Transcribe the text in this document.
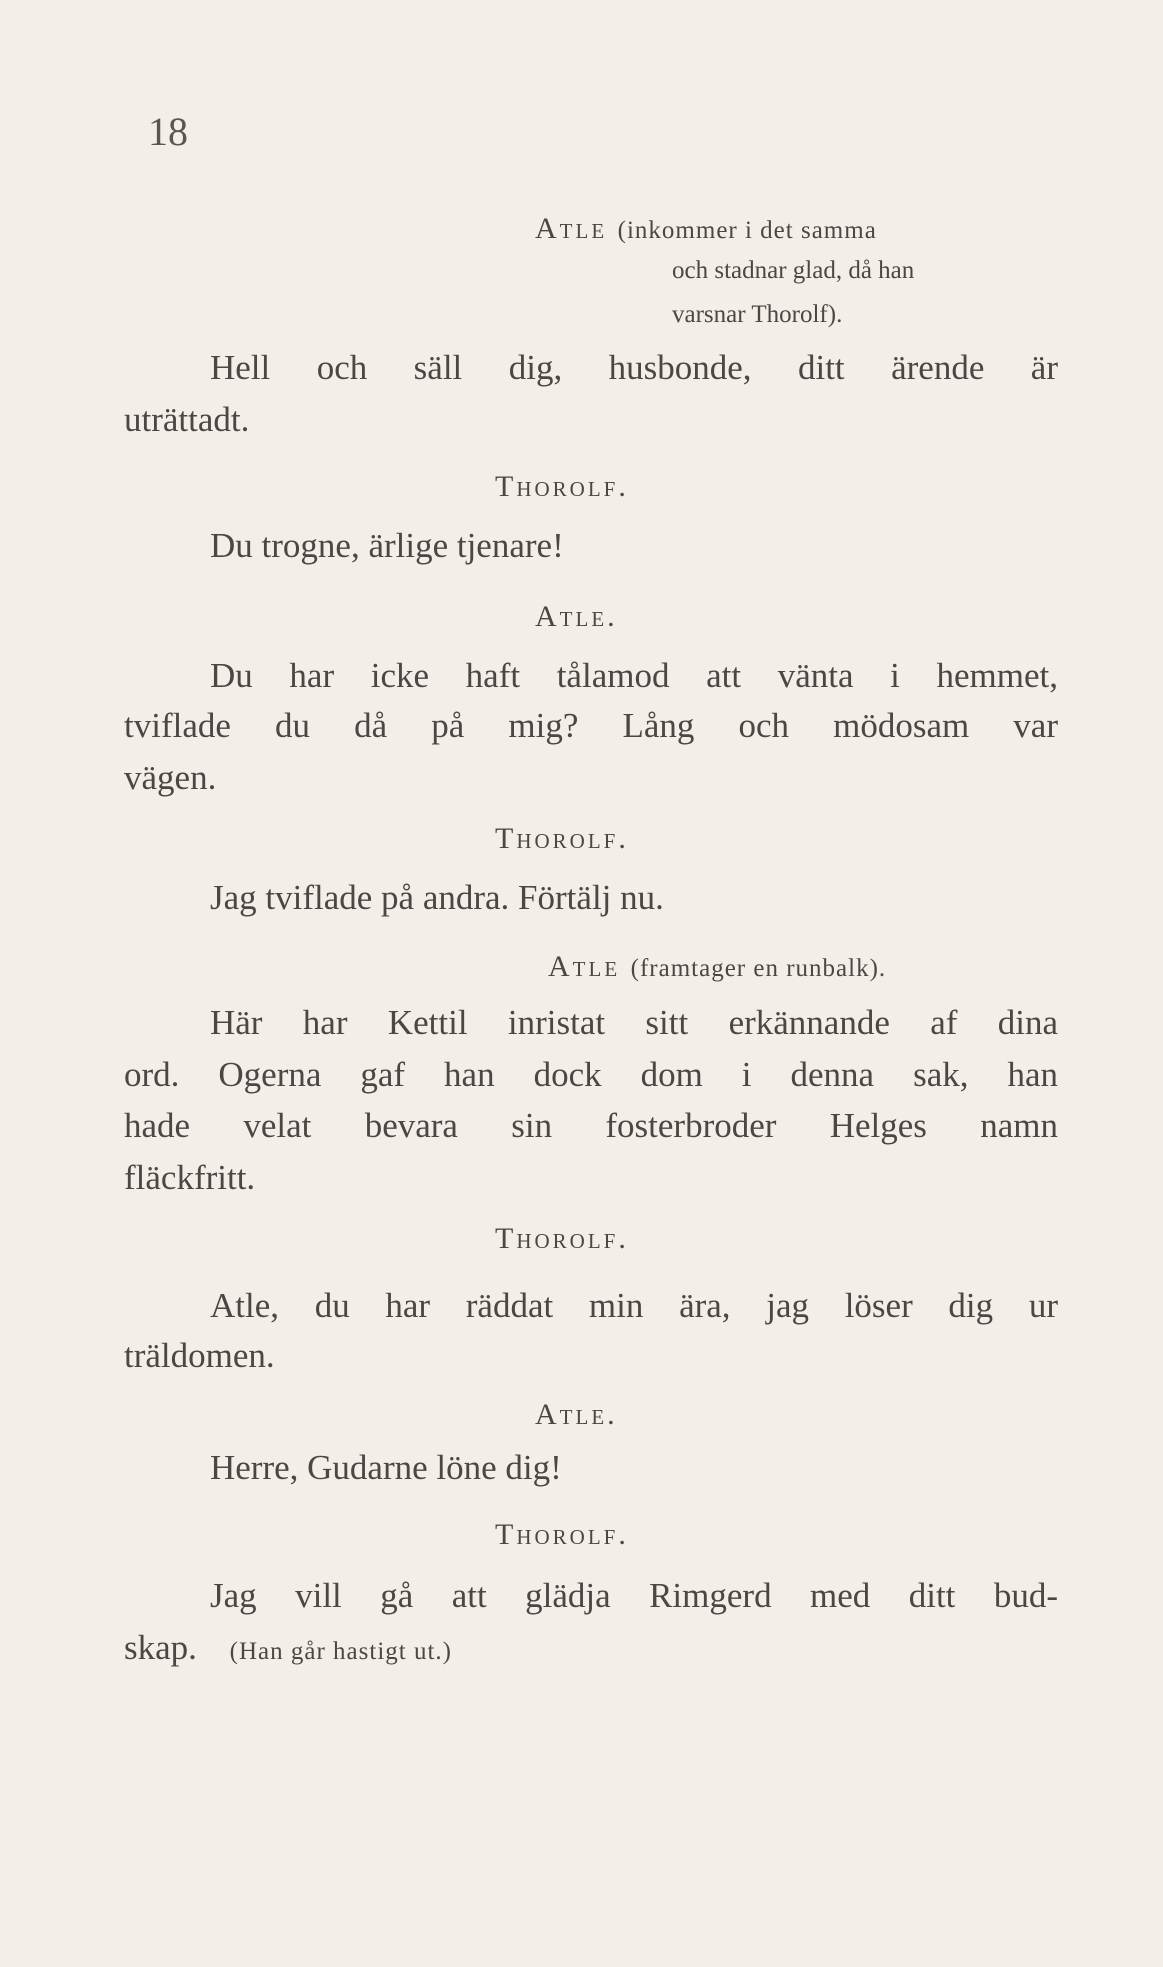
18
Atle (inkommer i det samma
och stadnar glad, då han
varsnar Thorolf).
Hell och säll dig, husbonde, ditt ärende är
uträttadt.
Thorolf.
Du trogne, ärlige tjenare!
Atle.
Du har icke haft tålamod att vänta i hemmet,
tviflade du då på mig? Lång och mödosam var
vägen.
Thorolf.
Jag tviflade på andra. Förtälj nu.
Atle (framtager en runbalk).
Här har Kettil inristat sitt erkännande af dina
ord. Ogerna gaf han dock dom i denna sak, han
hade velat bevara sin fosterbroder Helges namn
fläckfritt.
Thorolf.
Atle, du har räddat min ära, jag löser dig ur
träldomen.
Atle.
Herre, Gudarne löne dig!
Thorolf.
Jag vill gå att glädja Rimgerd med ditt bud-
skap. (Han går hastigt ut.)
